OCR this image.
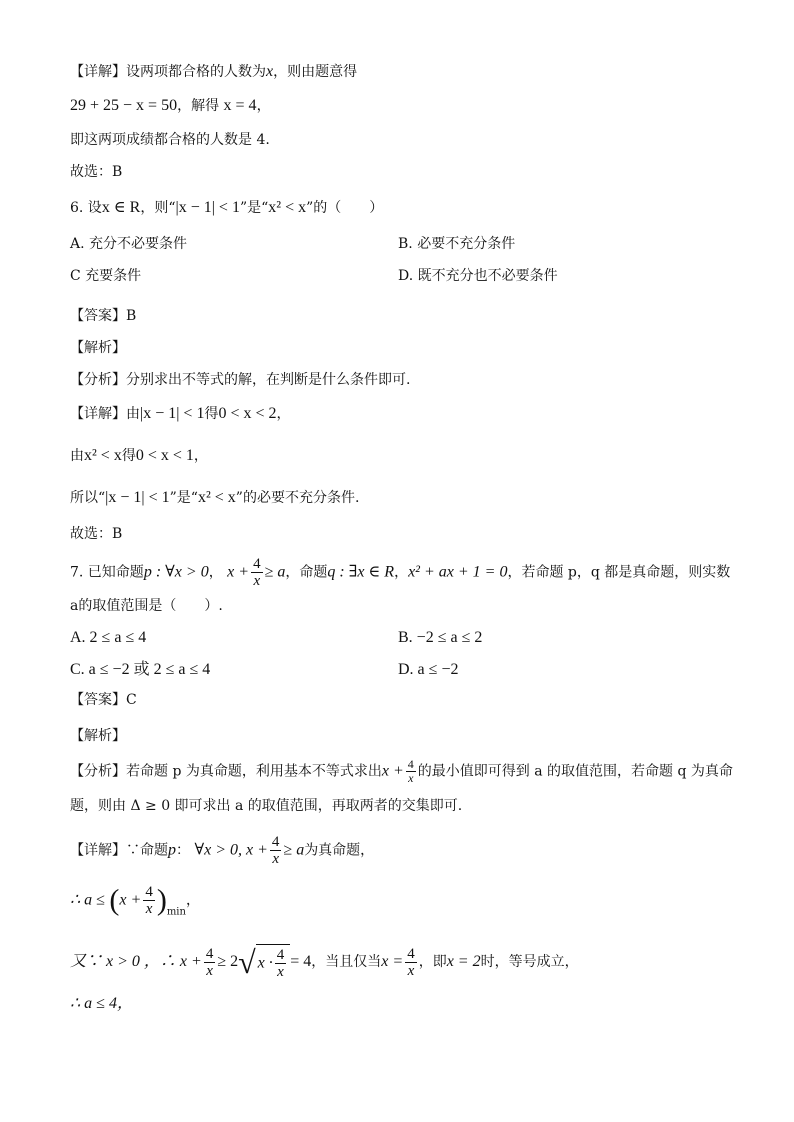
【详解】设两项都合格的人数为x，则由题意得
29 + 25 − x = 50，解得 x = 4，
即这两项成绩都合格的人数是 4.
故选：B
6. 设x ∈ R，则“|x − 1| < 1”是“x² < x”的（　　）
A. 充分不必要条件	B. 必要不充分条件
C 充要条件	D. 既不充分也不必要条件
【答案】B
【解析】
【分析】分别求出不等式的解，在判断是什么条件即可.
【详解】由|x − 1| < 1得0 < x < 2，
由x² < x得0 < x < 1，
所以“|x − 1| < 1”是“x² < x”的必要不充分条件.
故选：B
7. 已知命题p : ∀x > 0， $x + \frac{4}{x} \ge a$，命题q : ∃x ∈ R，x² + ax + 1 = 0，若命题 p，q 都是真命题，则实数
a的取值范围是（　　）.
A. 2 ≤ a ≤ 4	B. −2 ≤ a ≤ 2
C. a ≤ −2 或 2 ≤ a ≤ 4	D. a ≤ −2
【答案】C
【解析】
【分析】若命题 p 为真命题，利用基本不等式求出$x + \frac{4}{x}$ 的最小值即可得到 a 的取值范围，若命题 q 为真命
题，则由 Δ ≥ 0 即可求出 a 的取值范围，再取两者的交集即可.
【详解】∵命题p： ∀x > 0, $x + \frac{4}{x} \ge a$为真命题，
∴ $a \le (x + \frac{4}{x} )_{min}$，
又∵ x > 0 ，∴ $x + \frac{4}{x} \ge 2√$ $x \cdot \frac{4}{x} = 4$，当且仅当$x = \frac{4}{x}$ ，即x = 2时，等号成立，
∴ a ≤ 4，
